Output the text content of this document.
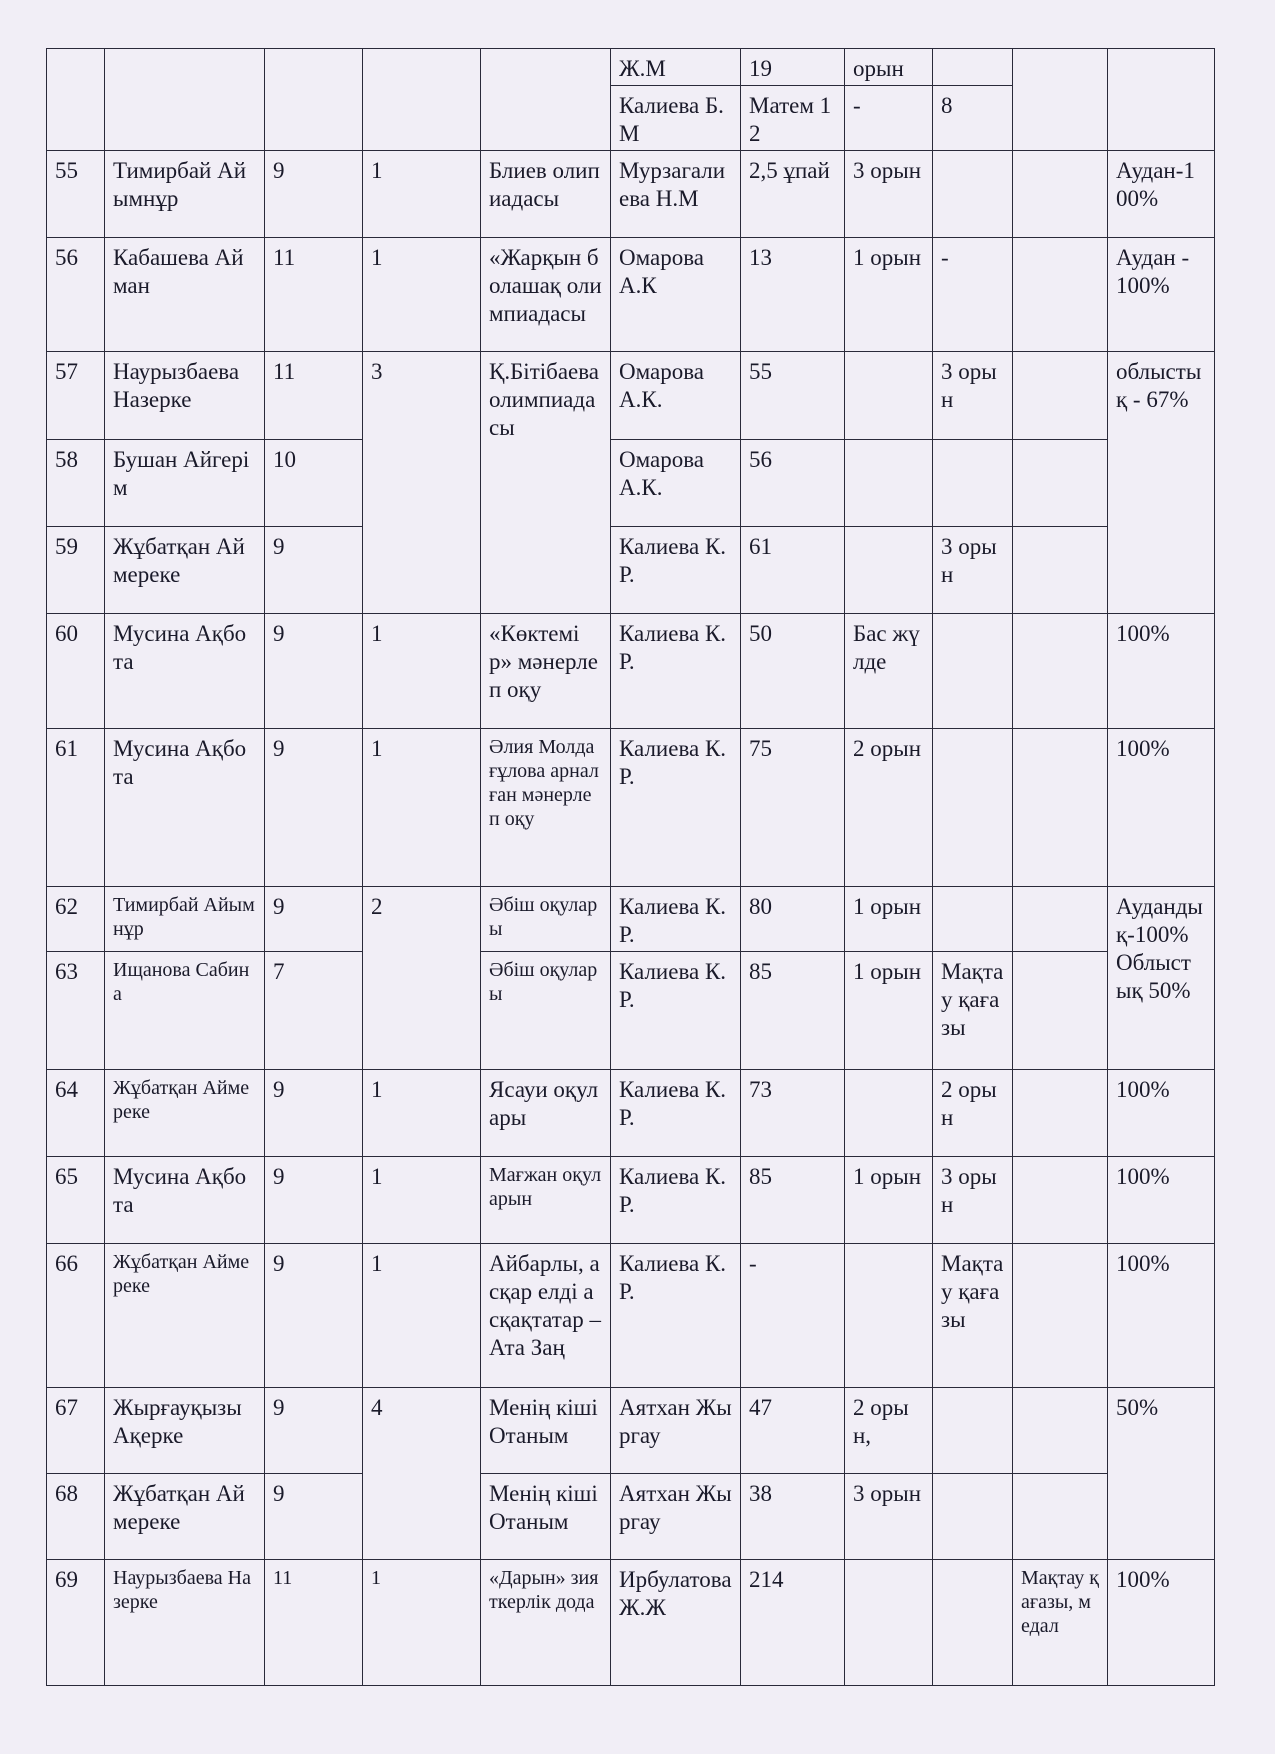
					Ж.М	19	орын			
					Калиева Б.М	Матем 12	-	8		
55	Тимирбай Айымнұр	9	1	Блиев олипиадасы	Мурзагалиева Н.М	2,5 ұпай	3 орын			Аудан-100%
56	Кабашева Айман	11	1	«Жарқын болашақ олимпиадасы	Омарова А.К	13	1 орын	-		Аудан - 100%
57	Наурызбаева Назерке	11	3	Қ.Бітібаева олимпиадасы	Омарова А.К.	55		3 орын		облыстық - 67%
58	Бушан Айгерім	10			Омарова А.К.	56				
59	Жұбатқан Аймереке	9			Калиева К.Р.	61		3 орын		
60	Мусина Ақбота	9	1	«Көктемір» мәнерлеп оқу	Калиева К.Р.	50	Бас жүлде			100%
61	Мусина Ақбота	9	1	Әлия Молдағұлова арналған мәнерлеп оқу	Калиева К.Р.	75	2 орын			100%
62	Тимирбай Айымнұр	9	2	Әбіш оқулары	Калиева К.Р.	80	1 орын			Аудандық-100% Облыстық 50%
63	Ищанова Сабина	7		Әбіш оқулары	Калиева К.Р.	85	1 орын	Мақтау қағазы		
64	Жұбатқан Аймереке	9	1	Ясауи оқулары	Калиева К.Р.	73		2 орын		100%
65	Мусина Ақбота	9	1	Мағжан оқуларын	Калиева К.Р.	85	1 орын	3 орын		100%
66	Жұбатқан Аймереке	9	1	Айбарлы, асқар елді асқақтатар – Ата Заң	Калиева К.Р.	-		Мақтау қағазы		100%
67	Жырғауқызы Ақерке	9	4	Менің кіші Отаным	Аятхан Жыргау	47	2 орын,			50%
68	Жұбатқан Аймереке	9		Менің кіші Отаным	Аятхан Жыргау	38	3 орын			
69	Наурызбаева Назерке	11	1	«Дарын» зияткерлік дода	Ирбулатова Ж.Ж	214			Мақтау қағазы, медал	100%
